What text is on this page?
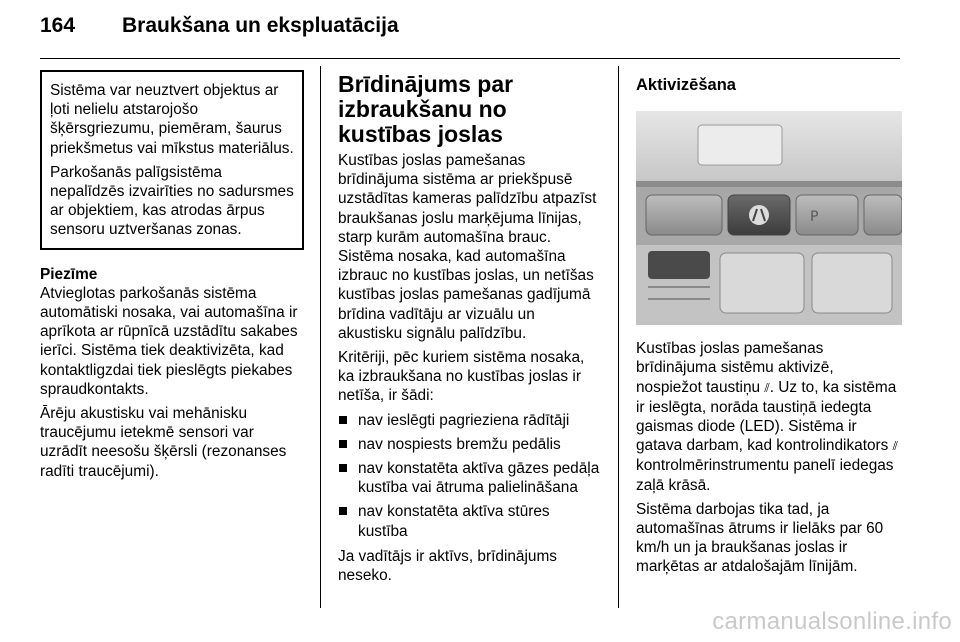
164	Braukšana un ekspluatācija

Sistēma var neuztvert objektus ar ļoti nelielu atstarojošo šķērsgriezumu, piemēram, šaurus priekšmetus vai mīkstus materiālus.

Parkošanās palīgsistēma nepalīdzēs izvairīties no sadursmes ar objektiem, kas atrodas ārpus sensoru uztveršanas zonas.

Piezīme

Atvieglotas parkošanās sistēma automātiski nosaka, vai automašīna ir aprīkota ar rūpnīcā uzstādītu sakabes ierīci. Sistēma tiek deaktivizēta, kad kontaktligzdai tiek pieslēgts piekabes spraudkontakts.

Ārēju akustisku vai mehānisku traucējumu ietekmē sensori var uzrādīt neesošu šķērsli (rezonanses radīti traucējumi).

Brīdinājums par izbraukšanu no kustības joslas

Kustības joslas pamešanas brīdinājuma sistēma ar priekšpusē uzstādītas kameras palīdzību atpazīst braukšanas joslu marķējuma līnijas, starp kurām automašīna brauc. Sistēma nosaka, kad automašīna izbrauc no kustības joslas, un netīšas kustības joslas pamešanas gadījumā brīdina vadītāju ar vizuālu un akustisku signālu palīdzību.

Kritēriji, pēc kuriem sistēma nosaka, ka izbraukšana no kustības joslas ir netīša, ir šādi:

nav ieslēgti pagrieziena rādītāji
nav nospiests bremžu pedālis
nav konstatēta aktīva gāzes pedāļa kustība vai ātruma palielināšana
nav konstatēta aktīva stūres kustība

Ja vadītājs ir aktīvs, brīdinājums neseko.

Aktivizēšana
P

Kustības joslas pamešanas brīdinājuma sistēmu aktivizē, nospiežot taustiņu ⫽. Uz to, ka sistēma ir ieslēgta, norāda taustiņā iedegta gaismas diode (LED). Sistēma ir gatava darbam, kad kontrolindikators ⫽ kontrolmērinstrumentu panelī iedegas zaļā krāsā.

Sistēma darbojas tika tad, ja automašīnas ātrums ir lielāks par 60 km/h un ja braukšanas joslas ir marķētas ar atdalošajām līnijām.

carmanualsonline.info
